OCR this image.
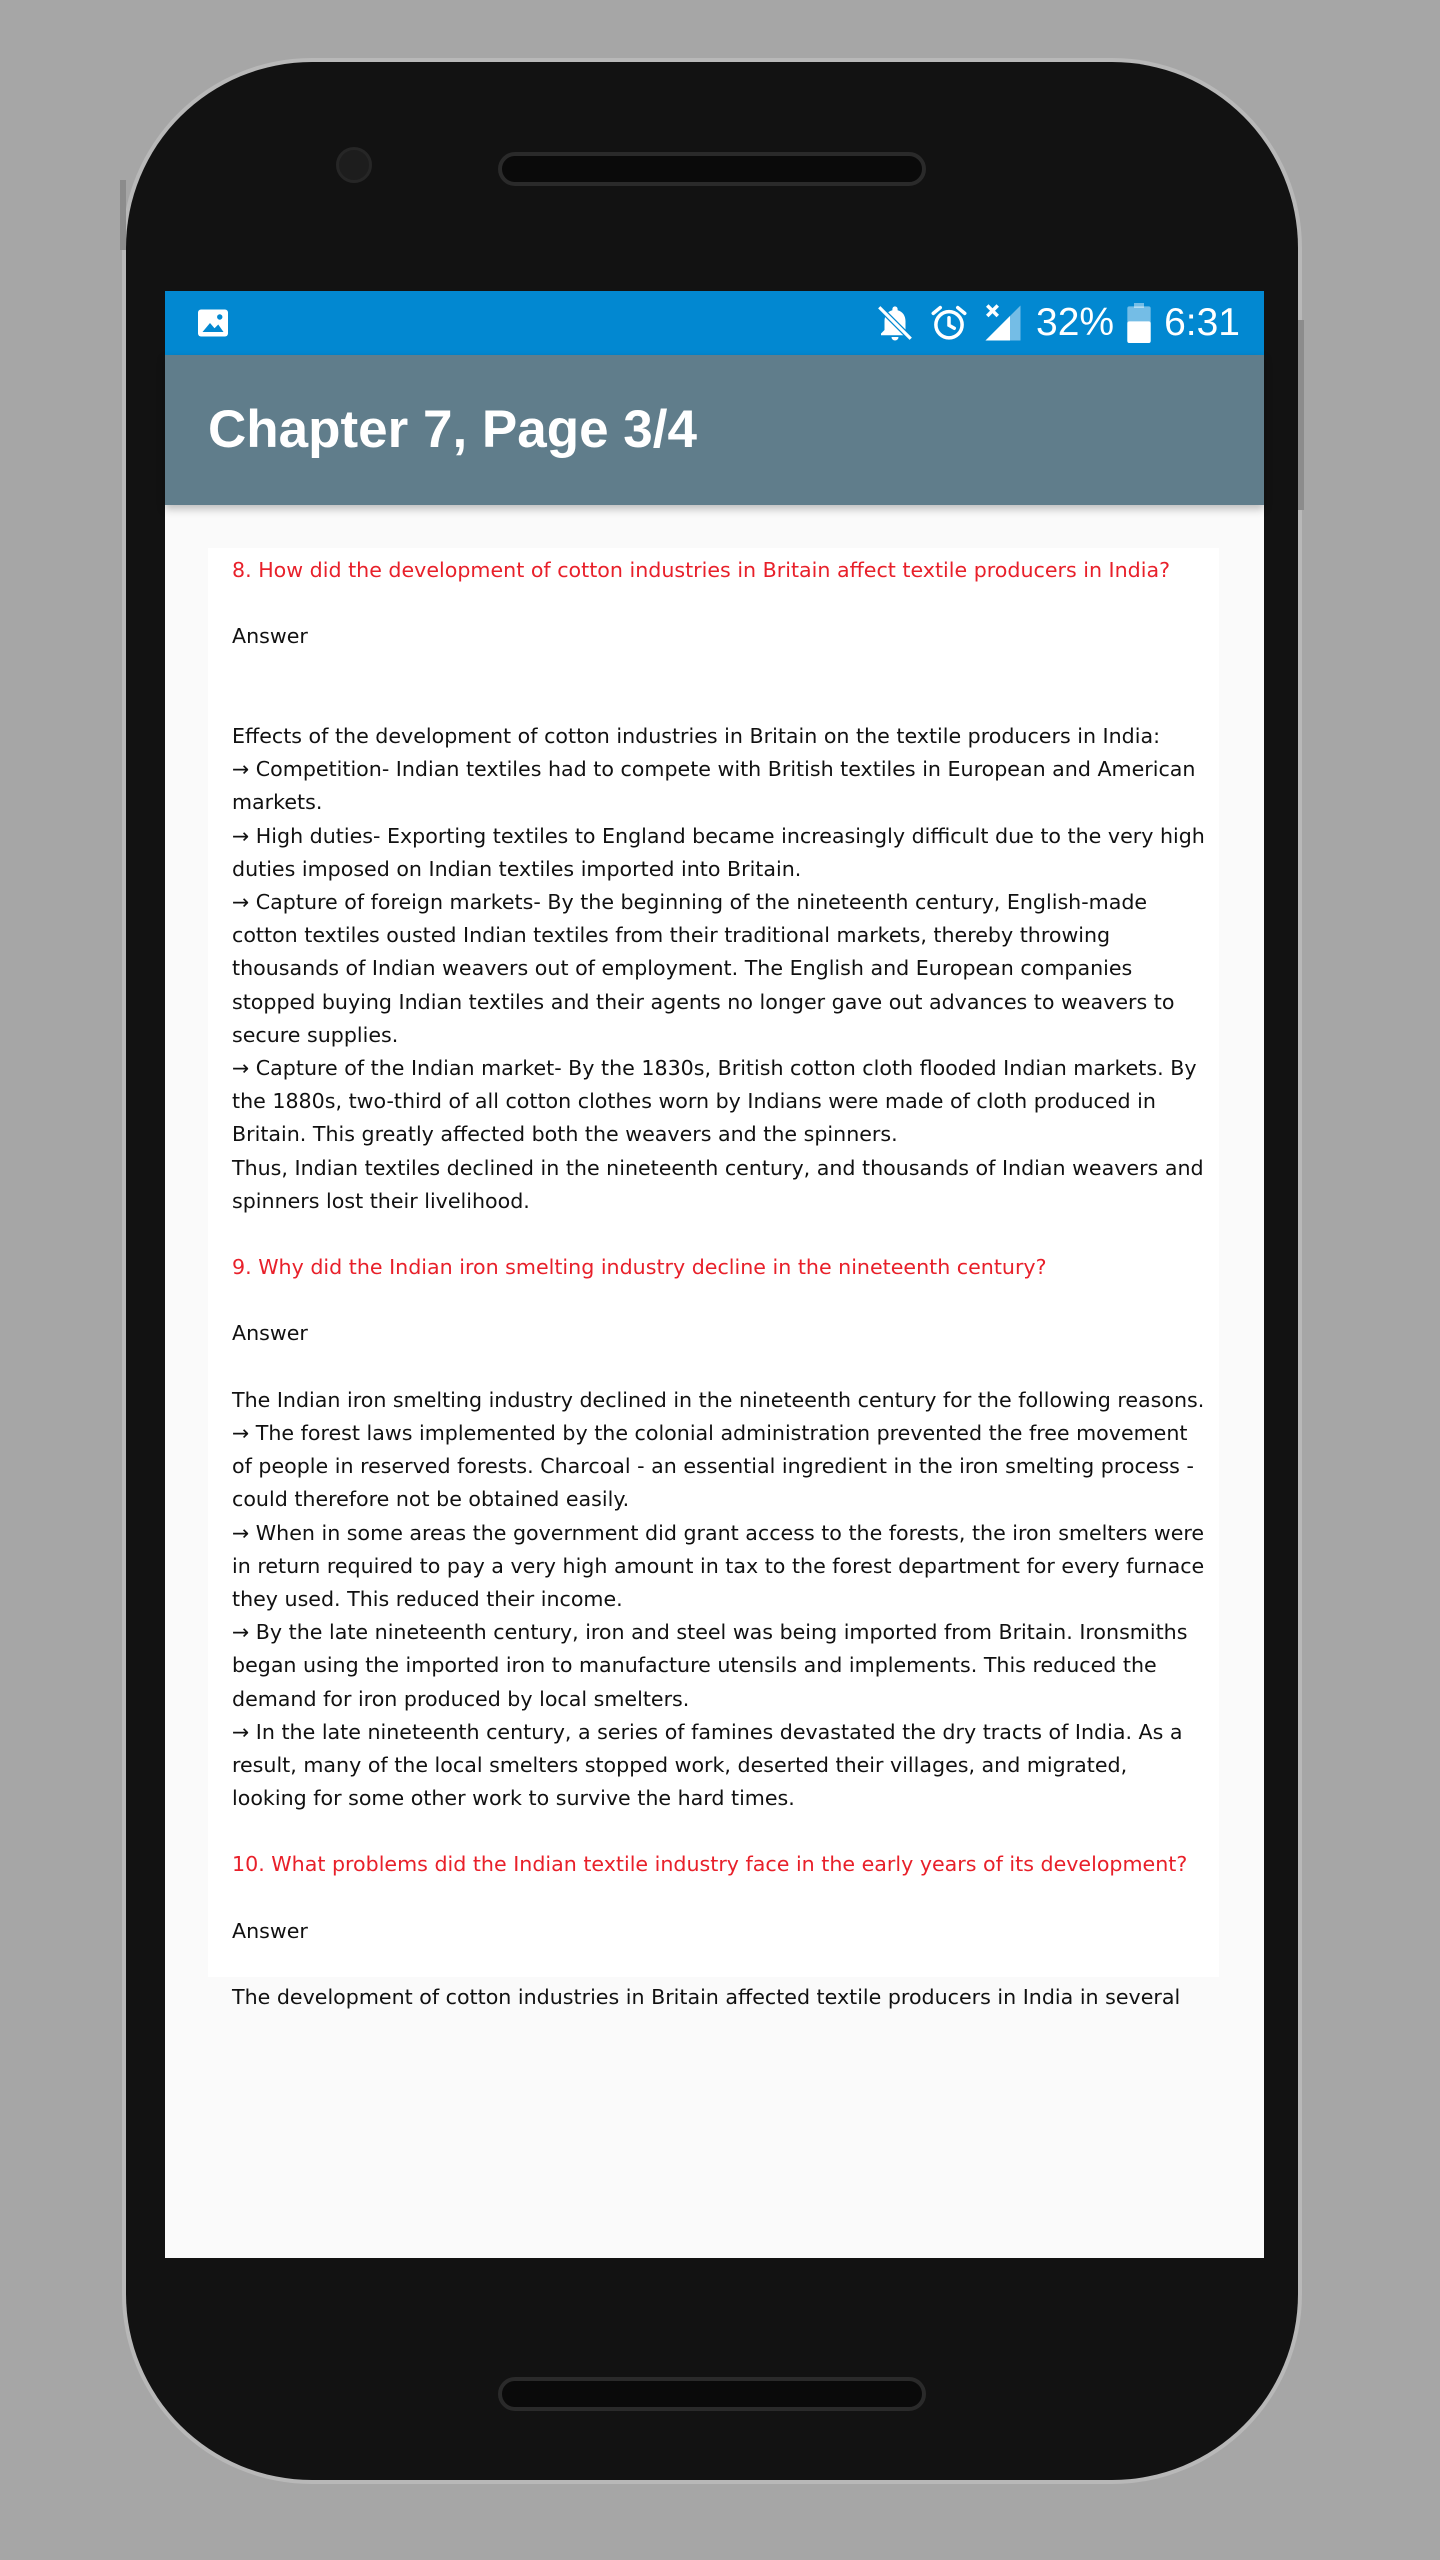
32% 6:31
Chapter 7, Page 3/4

8. How did the development of cotton industries in Britain affect textile producers in India?

Answer

Effects of the development of cotton industries in Britain on the textile producers in India:

→ Competition- Indian textiles had to compete with British textiles in European and American markets.

→ High duties- Exporting textiles to England became increasingly difficult due to the very high duties imposed on Indian textiles imported into Britain.

→ Capture of foreign markets- By the beginning of the nineteenth century, English-made cotton textiles ousted Indian textiles from their traditional markets, thereby throwing thousands of Indian weavers out of employment. The English and European companies stopped buying Indian textiles and their agents no longer gave out advances to weavers to secure supplies.

→ Capture of the Indian market- By the 1830s, British cotton cloth flooded Indian markets. By the 1880s, two-third of all cotton clothes worn by Indians were made of cloth produced in Britain. This greatly affected both the weavers and the spinners.

Thus, Indian textiles declined in the nineteenth century, and thousands of Indian weavers and spinners lost their livelihood.

9. Why did the Indian iron smelting industry decline in the nineteenth century?

Answer

The Indian iron smelting industry declined in the nineteenth century for the following reasons.

→ The forest laws implemented by the colonial administration prevented the free movement of people in reserved forests. Charcoal - an essential ingredient in the iron smelting process - could therefore not be obtained easily.

→ When in some areas the government did grant access to the forests, the iron smelters were in return required to pay a very high amount in tax to the forest department for every furnace they used. This reduced their income.

→ By the late nineteenth century, iron and steel was being imported from Britain. Ironsmiths began using the imported iron to manufacture utensils and implements. This reduced the demand for iron produced by local smelters.

→ In the late nineteenth century, a series of famines devastated the dry tracts of India. As a result, many of the local smelters stopped work, deserted their villages, and migrated, looking for some other work to survive the hard times.

10. What problems did the Indian textile industry face in the early years of its development?

Answer

The development of cotton industries in Britain affected textile producers in India in several
